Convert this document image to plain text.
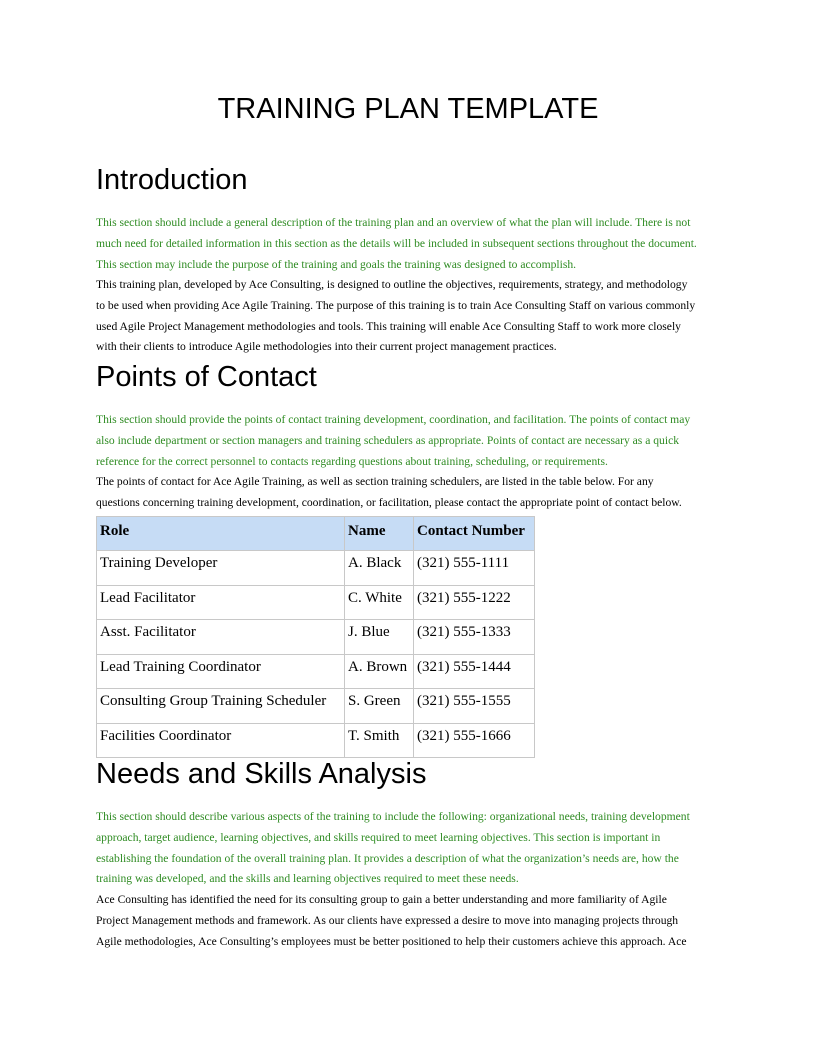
TRAINING PLAN TEMPLATE
Introduction
This section should include a general description of the training plan and an overview of what the plan will include. There is not
much need for detailed information in this section as the details will be included in subsequent sections throughout the document.
This section may include the purpose of the training and goals the training was designed to accomplish.
This training plan, developed by Ace Consulting, is designed to outline the objectives, requirements, strategy, and methodology
to be used when providing Ace Agile Training. The purpose of this training is to train Ace Consulting Staff on various commonly
used Agile Project Management methodologies and tools. This training will enable Ace Consulting Staff to work more closely
with their clients to introduce Agile methodologies into their current project management practices.
Points of Contact
This section should provide the points of contact training development, coordination, and facilitation. The points of contact may
also include department or section managers and training schedulers as appropriate. Points of contact are necessary as a quick
reference for the correct personnel to contacts regarding questions about training, scheduling, or requirements.
The points of contact for Ace Agile Training, as well as section training schedulers, are listed in the table below. For any
questions concerning training development, coordination, or facilitation, please contact the appropriate point of contact below.
Role	Name	Contact Number
Training Developer	A. Black	(321) 555-1111
Lead Facilitator	C. White	(321) 555-1222
Asst. Facilitator	J. Blue	(321) 555-1333
Lead Training Coordinator	A. Brown	(321) 555-1444
Consulting Group Training Scheduler	S. Green	(321) 555-1555
Facilities Coordinator	T. Smith	(321) 555-1666
Needs and Skills Analysis
This section should describe various aspects of the training to include the following: organizational needs, training development
approach, target audience, learning objectives, and skills required to meet learning objectives. This section is important in
establishing the foundation of the overall training plan. It provides a description of what the organization’s needs are, how the
training was developed, and the skills and learning objectives required to meet these needs.
Ace Consulting has identified the need for its consulting group to gain a better understanding and more familiarity of Agile
Project Management methods and framework. As our clients have expressed a desire to move into managing projects through
Agile methodologies, Ace Consulting’s employees must be better positioned to help their customers achieve this approach. Ace
